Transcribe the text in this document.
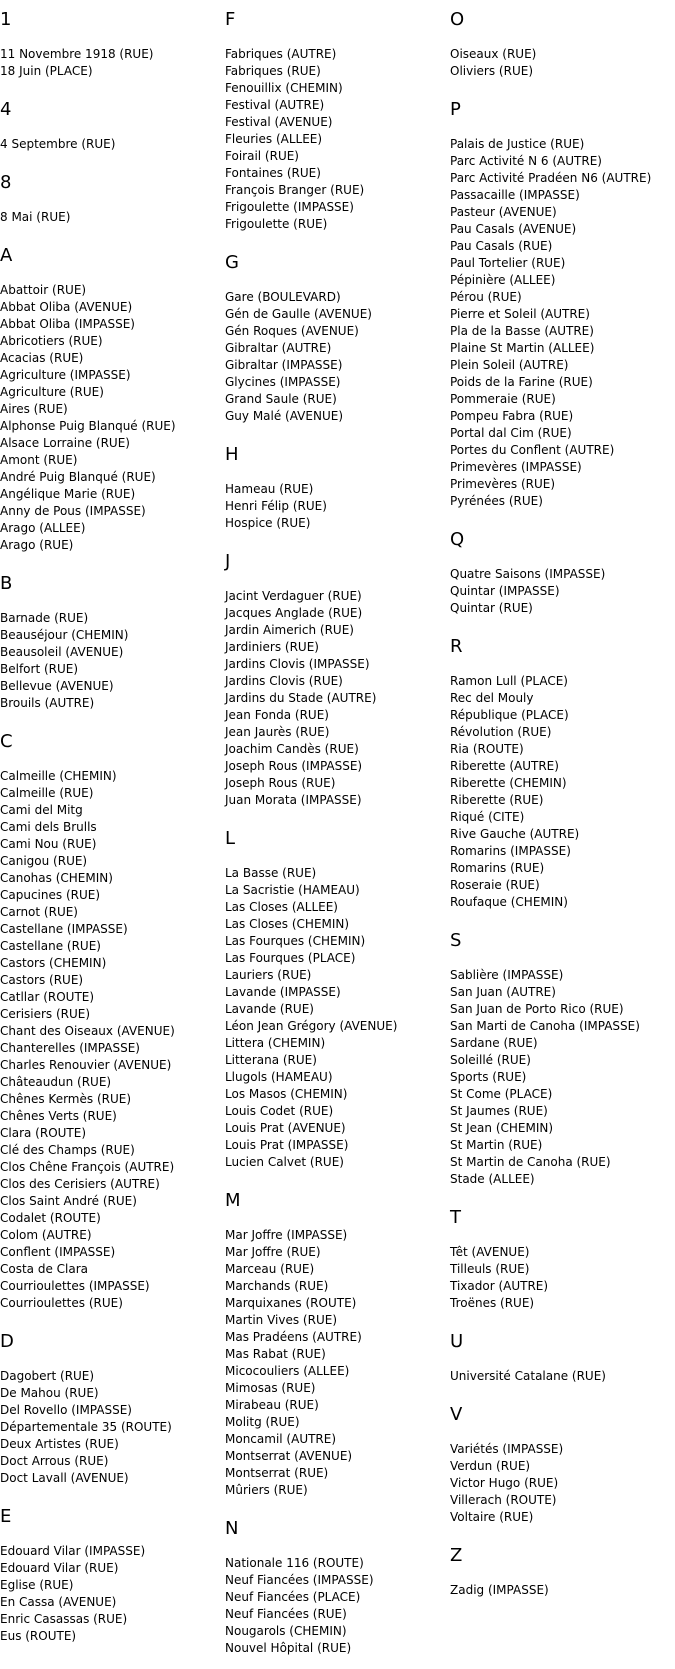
1
11 Novembre 1918 (RUE)
18 Juin (PLACE)
4
4 Septembre (RUE)
8
8 Mai (RUE)
A
Abattoir (RUE)
Abbat Oliba (AVENUE)
Abbat Oliba (IMPASSE)
Abricotiers (RUE)
Acacias (RUE)
Agriculture (IMPASSE)
Agriculture (RUE)
Aires (RUE)
Alphonse Puig Blanqué (RUE)
Alsace Lorraine (RUE)
Amont (RUE)
André Puig Blanqué (RUE)
Angélique Marie (RUE)
Anny de Pous (IMPASSE)
Arago (ALLEE)
Arago (RUE)
B
Barnade (RUE)
Beauséjour (CHEMIN)
Beausoleil (AVENUE)
Belfort (RUE)
Bellevue (AVENUE)
Brouils (AUTRE)
C
Calmeille (CHEMIN)
Calmeille (RUE)
Cami del Mitg
Cami dels Brulls
Cami Nou (RUE)
Canigou (RUE)
Canohas (CHEMIN)
Capucines (RUE)
Carnot (RUE)
Castellane (IMPASSE)
Castellane (RUE)
Castors (CHEMIN)
Castors (RUE)
Catllar (ROUTE)
Cerisiers (RUE)
Chant des Oiseaux (AVENUE)
Chanterelles (IMPASSE)
Charles Renouvier (AVENUE)
Châteaudun (RUE)
Chênes Kermès (RUE)
Chênes Verts (RUE)
Clara (ROUTE)
Clé des Champs (RUE)
Clos Chêne François (AUTRE)
Clos des Cerisiers (AUTRE)
Clos Saint André (RUE)
Codalet (ROUTE)
Colom (AUTRE)
Conflent (IMPASSE)
Costa de Clara
Courrioulettes (IMPASSE)
Courrioulettes (RUE)
D
Dagobert (RUE)
De Mahou (RUE)
Del Rovello (IMPASSE)
Départementale 35 (ROUTE)
Deux Artistes (RUE)
Doct Arrous (RUE)
Doct Lavall (AVENUE)
E
Edouard Vilar (IMPASSE)
Edouard Vilar (RUE)
Eglise (RUE)
En Cassa (AVENUE)
Enric Casassas (RUE)
Eus (ROUTE)
F
Fabriques (AUTRE)
Fabriques (RUE)
Fenouillix (CHEMIN)
Festival (AUTRE)
Festival (AVENUE)
Fleuries (ALLEE)
Foirail (RUE)
Fontaines (RUE)
François Branger (RUE)
Frigoulette (IMPASSE)
Frigoulette (RUE)
G
Gare (BOULEVARD)
Gén de Gaulle (AVENUE)
Gén Roques (AVENUE)
Gibraltar (AUTRE)
Gibraltar (IMPASSE)
Glycines (IMPASSE)
Grand Saule (RUE)
Guy Malé (AVENUE)
H
Hameau (RUE)
Henri Félip (RUE)
Hospice (RUE)
J
Jacint Verdaguer (RUE)
Jacques Anglade (RUE)
Jardin Aimerich (RUE)
Jardiniers (RUE)
Jardins Clovis (IMPASSE)
Jardins Clovis (RUE)
Jardins du Stade (AUTRE)
Jean Fonda (RUE)
Jean Jaurès (RUE)
Joachim Candès (RUE)
Joseph Rous (IMPASSE)
Joseph Rous (RUE)
Juan Morata (IMPASSE)
L
La Basse (RUE)
La Sacristie (HAMEAU)
Las Closes (ALLEE)
Las Closes (CHEMIN)
Las Fourques (CHEMIN)
Las Fourques (PLACE)
Lauriers (RUE)
Lavande (IMPASSE)
Lavande (RUE)
Léon Jean Grégory (AVENUE)
Littera (CHEMIN)
Litterana (RUE)
Llugols (HAMEAU)
Los Masos (CHEMIN)
Louis Codet (RUE)
Louis Prat (AVENUE)
Louis Prat (IMPASSE)
Lucien Calvet (RUE)
M
Mar Joffre (IMPASSE)
Mar Joffre (RUE)
Marceau (RUE)
Marchands (RUE)
Marquixanes (ROUTE)
Martin Vives (RUE)
Mas Pradéens (AUTRE)
Mas Rabat (RUE)
Micocouliers (ALLEE)
Mimosas (RUE)
Mirabeau (RUE)
Molitg (RUE)
Moncamil (AUTRE)
Montserrat (AVENUE)
Montserrat (RUE)
Mûriers (RUE)
N
Nationale 116 (ROUTE)
Neuf Fiancées (IMPASSE)
Neuf Fiancées (PLACE)
Neuf Fiancées (RUE)
Nougarols (CHEMIN)
Nouvel Hôpital (RUE)
O
Oiseaux (RUE)
Oliviers (RUE)
P
Palais de Justice (RUE)
Parc Activité N 6 (AUTRE)
Parc Activité Pradéen N6 (AUTRE)
Passacaille (IMPASSE)
Pasteur (AVENUE)
Pau Casals (AVENUE)
Pau Casals (RUE)
Paul Tortelier (RUE)
Pépinière (ALLEE)
Pérou (RUE)
Pierre et Soleil (AUTRE)
Pla de la Basse (AUTRE)
Plaine St Martin (ALLEE)
Plein Soleil (AUTRE)
Poids de la Farine (RUE)
Pommeraie (RUE)
Pompeu Fabra (RUE)
Portal dal Cim (RUE)
Portes du Conflent (AUTRE)
Primevères (IMPASSE)
Primevères (RUE)
Pyrénées (RUE)
Q
Quatre Saisons (IMPASSE)
Quintar (IMPASSE)
Quintar (RUE)
R
Ramon Lull (PLACE)
Rec del Mouly
République (PLACE)
Révolution (RUE)
Ria (ROUTE)
Riberette (AUTRE)
Riberette (CHEMIN)
Riberette (RUE)
Riqué (CITE)
Rive Gauche (AUTRE)
Romarins (IMPASSE)
Romarins (RUE)
Roseraie (RUE)
Roufaque (CHEMIN)
S
Sablière (IMPASSE)
San Juan (AUTRE)
San Juan de Porto Rico (RUE)
San Marti de Canoha (IMPASSE)
Sardane (RUE)
Soleillé (RUE)
Sports (RUE)
St Come (PLACE)
St Jaumes (RUE)
St Jean (CHEMIN)
St Martin (RUE)
St Martin de Canoha (RUE)
Stade (ALLEE)
T
Têt (AVENUE)
Tilleuls (RUE)
Tixador (AUTRE)
Troënes (RUE)
U
Université Catalane (RUE)
V
Variétés (IMPASSE)
Verdun (RUE)
Victor Hugo (RUE)
Villerach (ROUTE)
Voltaire (RUE)
Z
Zadig (IMPASSE)
